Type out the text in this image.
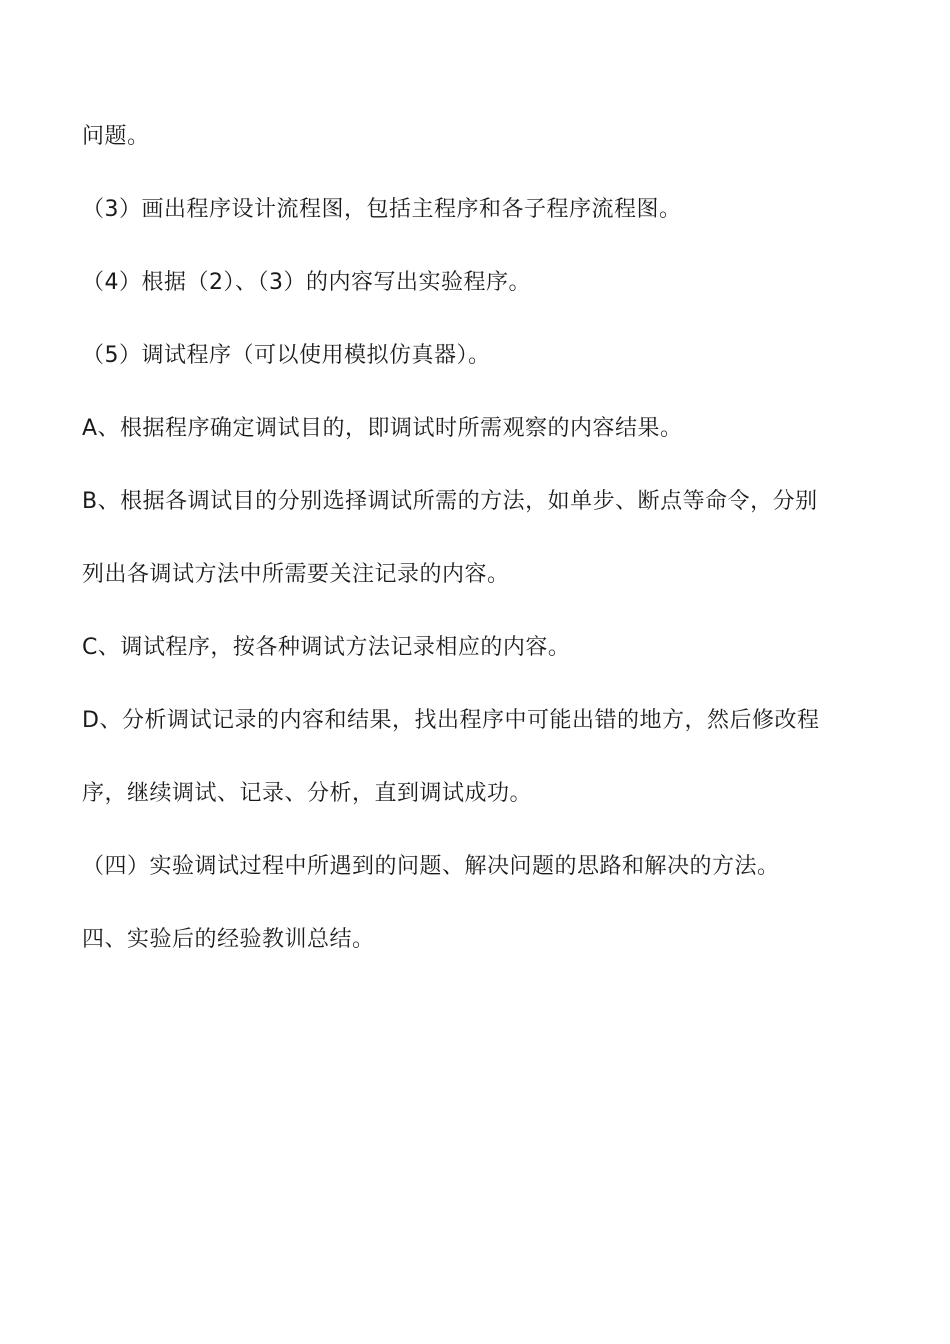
问题。
（3）画出程序设计流程图，包括主程序和各子程序流程图。
（4）根据（2）、（3）的内容写出实验程序。
（5）调试程序（可以使用模拟仿真器）。
A、根据程序确定调试目的，即调试时所需观察的内容结果。
B、根据各调试目的分别选择调试所需的方法，如单步、断点等命令，分别
列出各调试方法中所需要关注记录的内容。
C、调试程序，按各种调试方法记录相应的内容。
D、分析调试记录的内容和结果，找出程序中可能出错的地方，然后修改程
序，继续调试、记录、分析，直到调试成功。
（四）实验调试过程中所遇到的问题、解决问题的思路和解决的方法。
四、实验后的经验教训总结。
